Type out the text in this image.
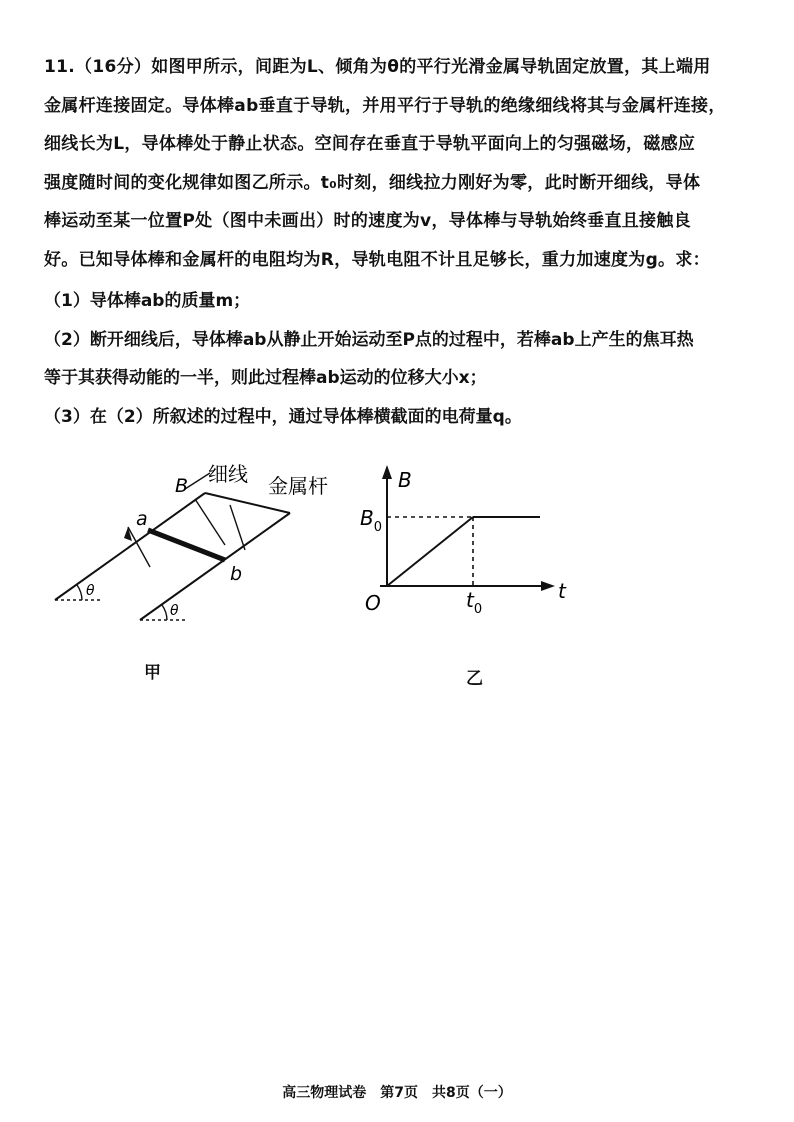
11.（16分）如图甲所示，间距为L、倾角为θ的平行光滑金属导轨固定放置，其上端用
金属杆连接固定。导体棒ab垂直于导轨，并用平行于导轨的绝缘细线将其与金属杆连接，
细线长为L，导体棒处于静止状态。空间存在垂直于导轨平面向上的匀强磁场，磁感应
强度随时间的变化规律如图乙所示。t₀时刻，细线拉力刚好为零，此时断开细线，导体
棒运动至某一位置P处（图中未画出）时的速度为v，导体棒与导轨始终垂直且接触良
好。已知导体棒和金属杆的电阻均为R，导轨电阻不计且足够长，重力加速度为g。求：
（1）导体棒ab的质量m；
（2）断开细线后，导体棒ab从静止开始运动至P点的过程中，若棒ab上产生的焦耳热
等于其获得动能的一半，则此过程棒ab运动的位移大小x；
（3）在（2）所叙述的过程中，通过导体棒横截面的电荷量q。
B 细线 金属杆
a
b
θ
θ
甲
B
t
O
$B_0$
$t_0$
乙
高三物理试卷　第7页　共8页（一）
